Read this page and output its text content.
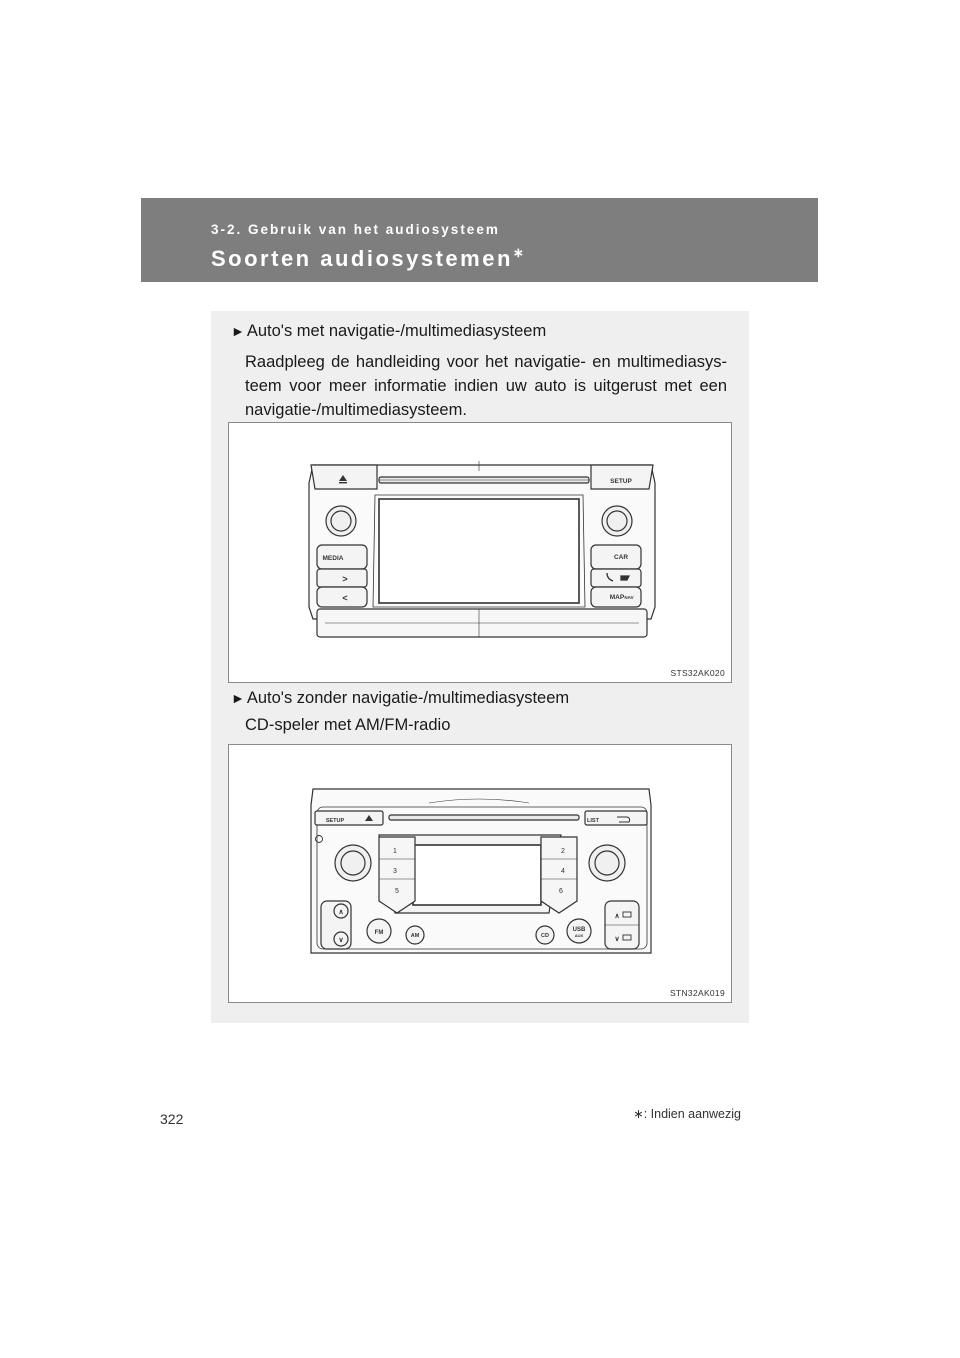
3-2. Gebruik van het audiosysteem
Soorten audiosystemen∗
► Auto's met navigatie-/multimediasysteem
Raadpleeg de handleiding voor het navigatie- en multimediasys-teem voor meer informatie indien uw auto is uitgerust met een navigatie-/multimediasysteem.
SETUP
MEDIA
>
<
CAR
MAP NAV
STS32AK020
► Auto's zonder navigatie-/multimediasysteem
CD-speler met AM/FM-radio
SETUP	LIST
1
3
5
2
4
6
∧
∨
FM	AM	CD
USB
AUX
∧
∨
STN32AK019
322	∗: Indien aanwezig
